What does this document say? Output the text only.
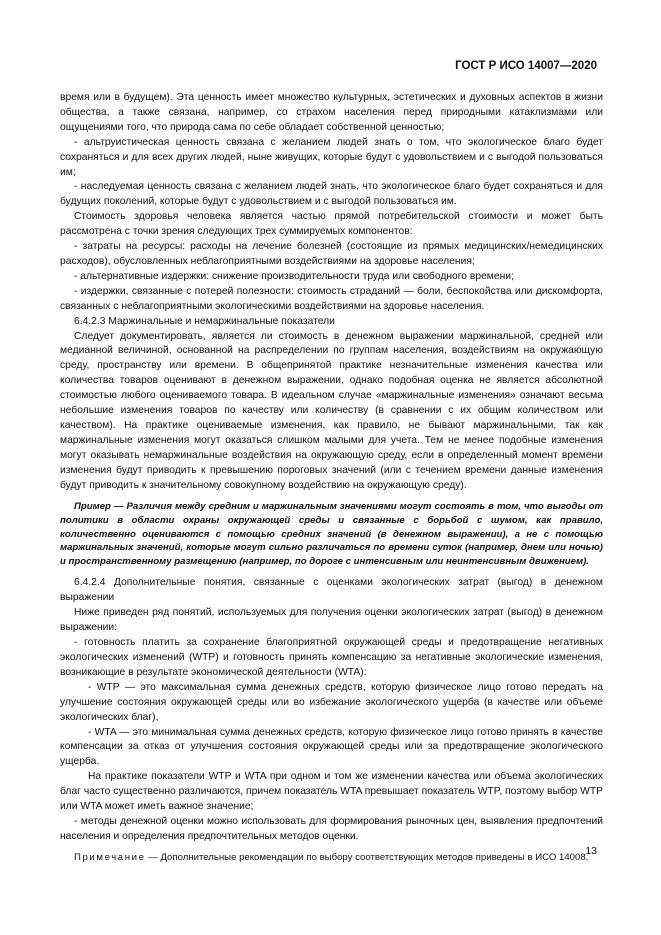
ГОСТ Р ИСО 14007—2020

время или в будущем). Эта ценность имеет множество культурных, эстетических и духовных аспектов в жизни общества, а также связана, например, со страхом населения перед природными катаклизмами или ощущениями того, что природа сама по себе обладает собственной ценностью;

- альтруистическая ценность связана с желанием людей знать о том, что экологическое благо будет сохраняться и для всех других людей, ныне живущих, которые будут с удовольствием и с выгодой пользоваться им;

- наследуемая ценность связана с желанием людей знать, что экологическое благо будет сохраняться и для будущих поколений, которые будут с удовольствием и с выгодой пользоваться им.

Стоимость здоровья человека является частью прямой потребительской стоимости и может быть рассмотрена с точки зрения следующих трех суммируемых компонентов:

- затраты на ресурсы: расходы на лечение болезней (состоящие из прямых медицинских/немедицинских расходов), обусловленных неблагоприятными воздействиями на здоровье населения;

- альтернативные издержки: снижение производительности труда или свободного времени;

- издержки, связанные с потерей полезности: стоимость страданий — боли, беспокойства или дискомфорта, связанных с неблагоприятными экологическими воздействиями на здоровье населения.

6.4.2.3 Маржинальные и немаржинальные показатели

Следует документировать, является ли стоимость в денежном выражении маржинальной, средней или медианной величиной, основанной на распределении по группам населения, воздействиям на окружающую среду, пространству или времени. В общепринятой практике незначительные изменения качества или количества товаров оценивают в денежном выражении, однако подобная оценка не является абсолютной стоимостью любого оцениваемого товара. В идеальном случае «маржинальные изменения» означают весьма небольшие изменения товаров по качеству или количеству (в сравнении с их общим количеством или качеством). На практике оцениваемые изменения, как правило, не бывают маржинальными, так как маржинальные изменения могут оказаться слишком малыми для учета. Тем не менее подобные изменения могут оказывать немаржинальные воздействия на окружающую среду, если в определенный момент времени изменения будут приводить к превышению пороговых значений (или с течением времени данные изменения будут приводить к значительному совокупному воздействию на окружающую среду).

Пример — Различия между средним и маржинальным значениями могут состоять в том, что выгоды от политики в области охраны окружающей среды и связанные с борьбой с шумом, как правило, количественно оцениваются с помощью средних значений (в денежном выражении), а не с помощью маржинальных значений, которые могут сильно различаться по времени суток (например, днем или ночью) и пространственному размещению (например, по дороге с интенсивным или неинтенсивным движением).

6.4.2.4 Дополнительные понятия, связанные с оценками экологических затрат (выгод) в денежном выражении

Ниже приведен ряд понятий, используемых для получения оценки экологических затрат (выгод) в денежном выражении:

- готовность платить за сохранение благоприятной окружающей среды и предотвращение негативных экологических изменений (WTP) и готовность принять компенсацию за негативные экологические изменения, возникающие в результате экономической деятельности (WTA):

- WTP — это максимальная сумма денежных средств, которую физическое лицо готово передать на улучшение состояния окружающей среды или во избежание экологического ущерба (в качестве или объеме экологических благ),

- WTA — это минимальная сумма денежных средств, которую физическое лицо готово принять в качестве компенсации за отказ от улучшения состояния окружающей среды или за предотвращение экологического ущерба.

На практике показатели WTP и WTA при одном и том же изменении качества или объема экологических благ часто существенно различаются, причем показатель WTA превышает показатель WTP, поэтому выбор WTP или WTA может иметь важное значение;

- методы денежной оценки можно использовать для формирования рыночных цен, выявления предпочтений населения и определения предпочтительных методов оценки.

Примечание — Дополнительные рекомендации по выбору соответствующих методов приведены в ИСО 14008.

13
